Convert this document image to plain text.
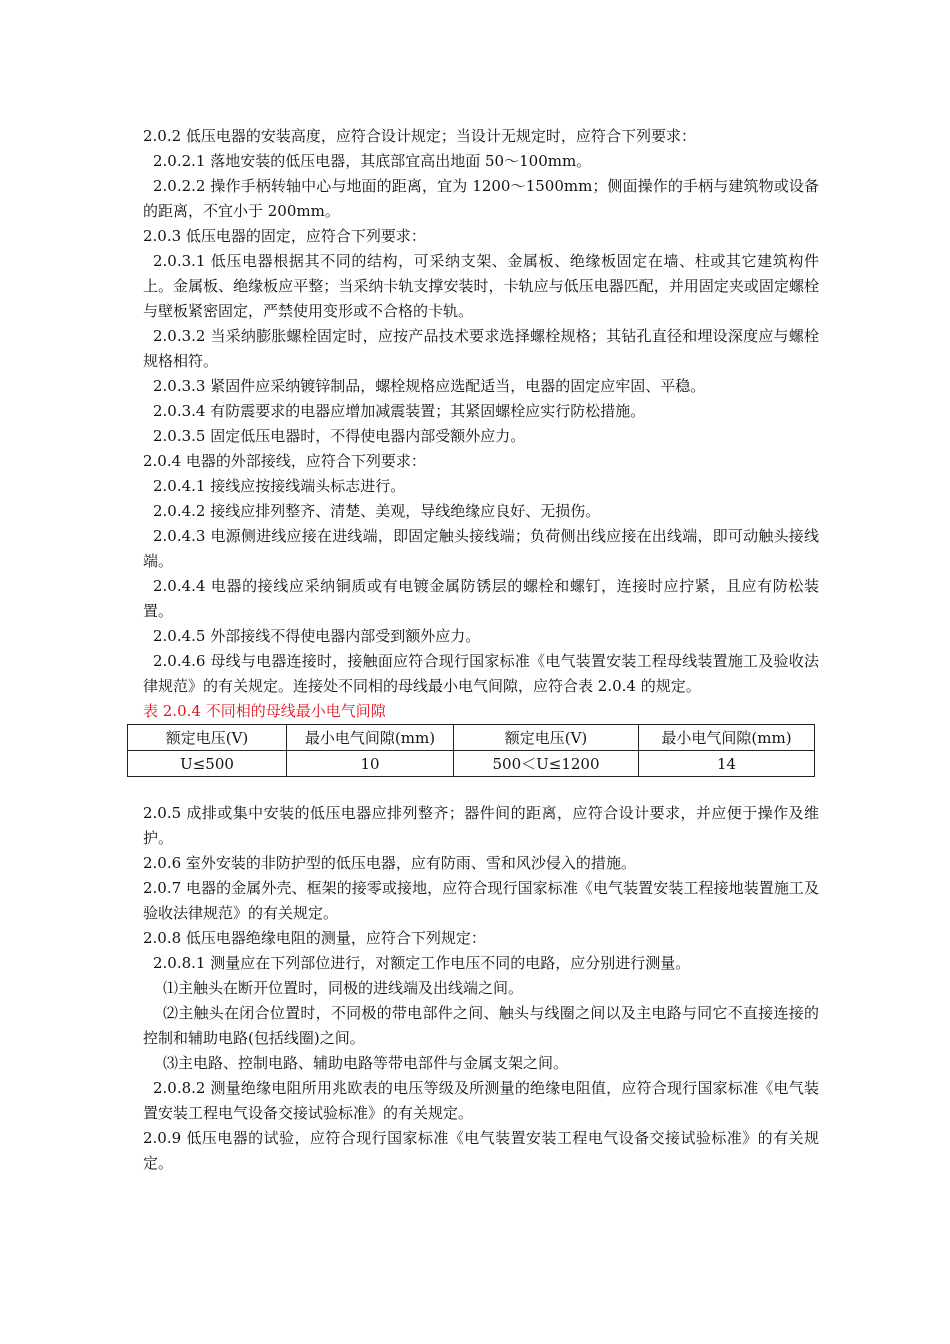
2.0.2 低压电器的安装高度，应符合设计规定；当设计无规定时，应符合下列要求：

2.0.2.1 落地安装的低压电器，其底部宜高出地面 50～100mm。

2.0.2.2 操作手柄转轴中心与地面的距离，宜为 1200～1500mm；侧面操作的手柄与建筑物或设备的距离，不宜小于 200mm。

2.0.3 低压电器的固定，应符合下列要求：

2.0.3.1 低压电器根据其不同的结构，可采纳支架、金属板、绝缘板固定在墙、柱或其它建筑构件上。金属板、绝缘板应平整；当采纳卡轨支撑安装时，卡轨应与低压电器匹配，并用固定夹或固定螺栓与壁板紧密固定，严禁使用变形或不合格的卡轨。

2.0.3.2 当采纳膨胀螺栓固定时，应按产品技术要求选择螺栓规格；其钻孔直径和埋设深度应与螺栓规格相符。

2.0.3.3 紧固件应采纳镀锌制品，螺栓规格应选配适当，电器的固定应牢固、平稳。

2.0.3.4 有防震要求的电器应增加减震装置；其紧固螺栓应实行防松措施。

2.0.3.5 固定低压电器时，不得使电器内部受额外应力。

2.0.4 电器的外部接线，应符合下列要求：

2.0.4.1 接线应按接线端头标志进行。

2.0.4.2 接线应排列整齐、清楚、美观，导线绝缘应良好、无损伤。

2.0.4.3 电源侧进线应接在进线端，即固定触头接线端；负荷侧出线应接在出线端，即可动触头接线端。

2.0.4.4 电器的接线应采纳铜质或有电镀金属防锈层的螺栓和螺钉，连接时应拧紧，且应有防松装置。

2.0.4.5 外部接线不得使电器内部受到额外应力。

2.0.4.6 母线与电器连接时，接触面应符合现行国家标准《电气装置安装工程母线装置施工及验收法律规范》的有关规定。连接处不同相的母线最小电气间隙，应符合表 2.0.4 的规定。

表 2.0.4 不同相的母线最小电气间隙

额定电压(V)	最小电气间隙(mm)	额定电压(V)	最小电气间隙(mm)
U≤500	10	500＜U≤1200	14

2.0.5 成排或集中安装的低压电器应排列整齐；器件间的距离，应符合设计要求，并应便于操作及维护。

2.0.6 室外安装的非防护型的低压电器，应有防雨、雪和风沙侵入的措施。

2.0.7 电器的金属外壳、框架的接零或接地，应符合现行国家标准《电气装置安装工程接地装置施工及验收法律规范》的有关规定。

2.0.8 低压电器绝缘电阻的测量，应符合下列规定：

2.0.8.1 测量应在下列部位进行，对额定工作电压不同的电路，应分别进行测量。

⑴主触头在断开位置时，同极的进线端及出线端之间。

⑵主触头在闭合位置时，不同极的带电部件之间、触头与线圈之间以及主电路与同它不直接连接的控制和辅助电路(包括线圈)之间。

⑶主电路、控制电路、辅助电路等带电部件与金属支架之间。

2.0.8.2 测量绝缘电阻所用兆欧表的电压等级及所测量的绝缘电阻值，应符合现行国家标准《电气装置安装工程电气设备交接试验标准》的有关规定。

2.0.9 低压电器的试验，应符合现行国家标准《电气装置安装工程电气设备交接试验标准》的有关规定。
